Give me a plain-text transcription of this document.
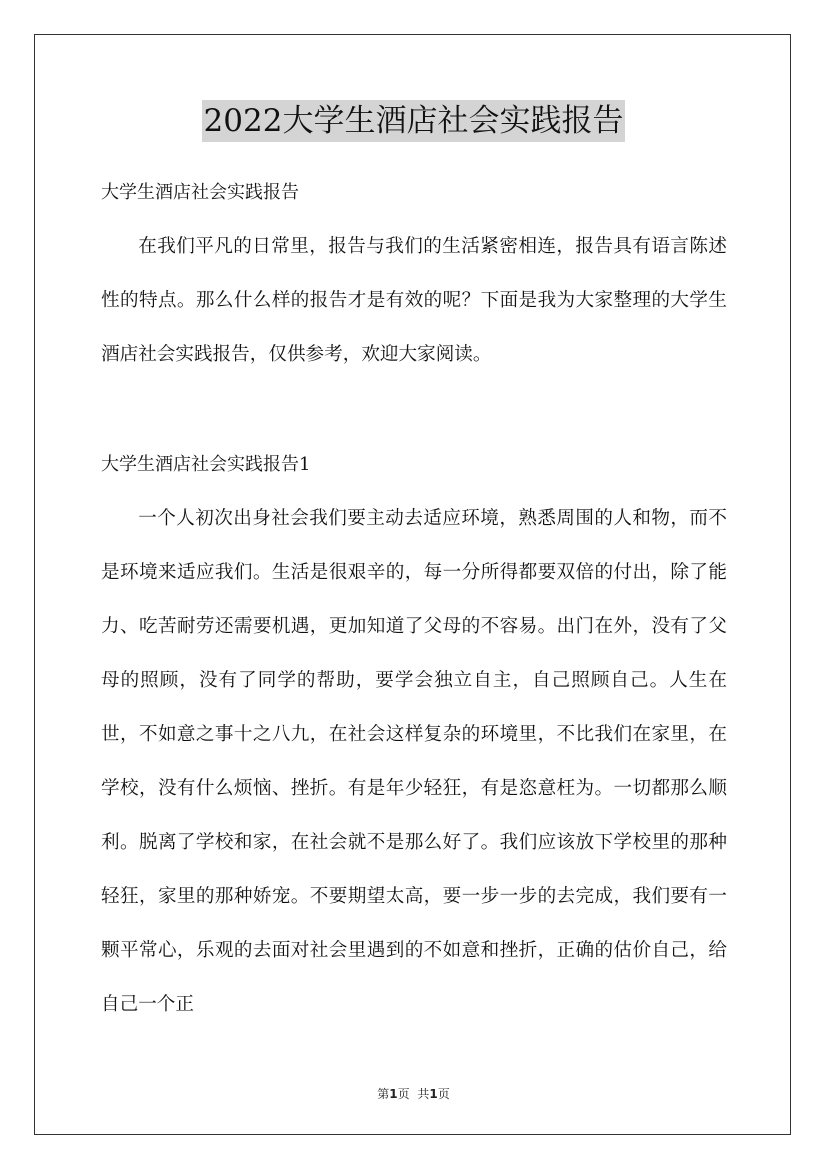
2022大学生酒店社会实践报告
大学生酒店社会实践报告

在我们平凡的日常里，报告与我们的生活紧密相连，报告具有语言陈述性的特点。那么什么样的报告才是有效的呢？下面是我为大家整理的大学生酒店社会实践报告，仅供参考，欢迎大家阅读。

大学生酒店社会实践报告1

一个人初次出身社会我们要主动去适应环境，熟悉周围的人和物，而不是环境来适应我们。生活是很艰辛的，每一分所得都要双倍的付出，除了能力、吃苦耐劳还需要机遇，更加知道了父母的不容易。出门在外，没有了父母的照顾，没有了同学的帮助，要学会独立自主，自己照顾自己。人生在世，不如意之事十之八九，在社会这样复杂的环境里，不比我们在家里，在学校，没有什么烦恼、挫折。有是年少轻狂，有是恣意枉为。一切都那么顺利。脱离了学校和家，在社会就不是那么好了。我们应该放下学校里的那种轻狂，家里的那种娇宠。不要期望太高，要一步一步的去完成，我们要有一颗平常心，乐观的去面对社会里遇到的不如意和挫折，正确的估价自己，给自己一个正

第1页 共1页
